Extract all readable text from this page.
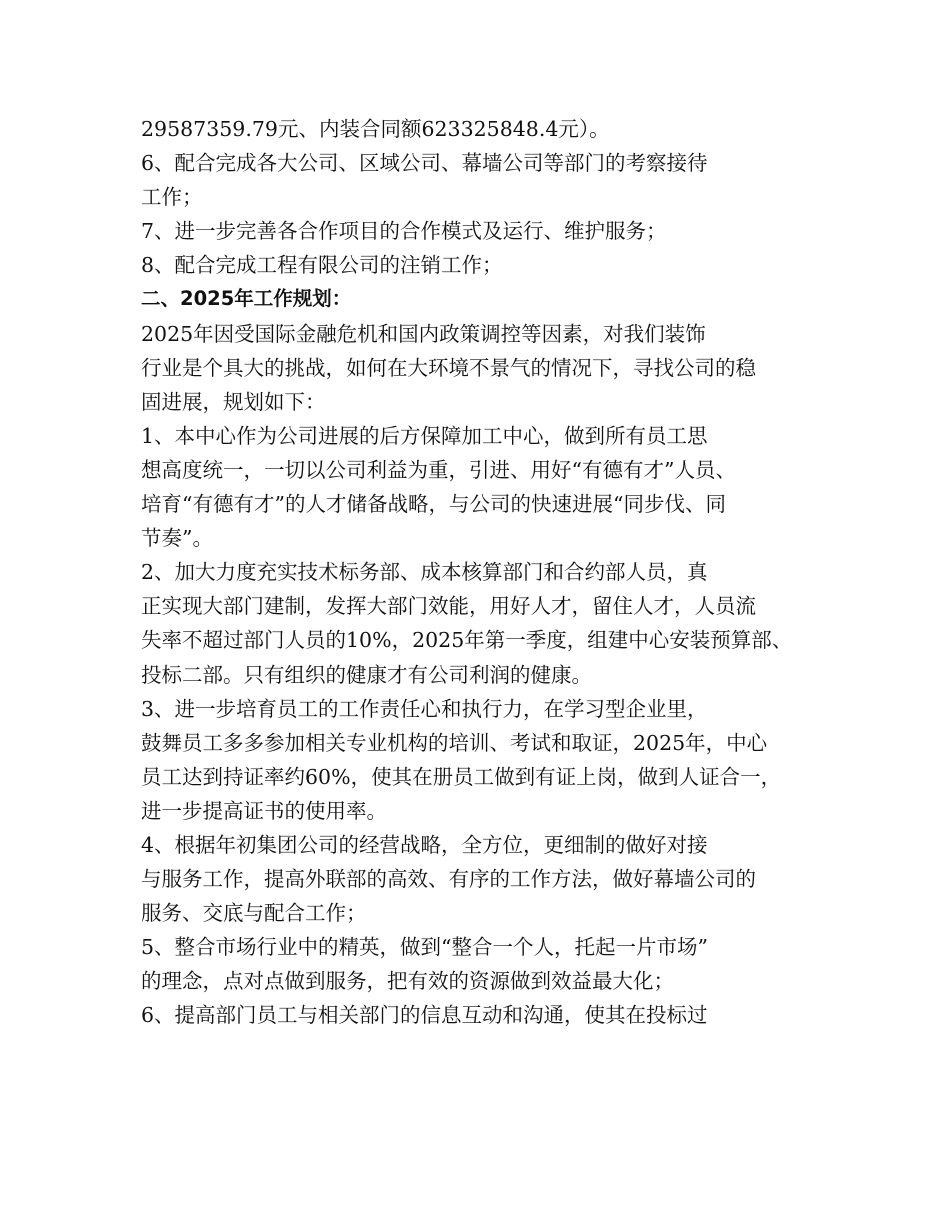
29587359.79元、内装合同额623325848.4元）。
6、配合完成各大公司、区域公司、幕墙公司等部门的考察接待
工作；
7、进一步完善各合作项目的合作模式及运行、维护服务；
8、配合完成工程有限公司的注销工作；
二、2025年工作规划：
2025年因受国际金融危机和国内政策调控等因素，对我们装饰
行业是个具大的挑战，如何在大环境不景气的情况下，寻找公司的稳
固进展，规划如下：
1、本中心作为公司进展的后方保障加工中心，做到所有员工思
想高度统一，一切以公司利益为重，引进、用好“有德有才”人员、
培育“有德有才”的人才储备战略，与公司的快速进展“同步伐、同
节奏”。
2、加大力度充实技术标务部、成本核算部门和合约部人员，真
正实现大部门建制，发挥大部门效能，用好人才，留住人才，人员流
失率不超过部门人员的10%，2025年第一季度，组建中心安装预算部、
投标二部。只有组织的健康才有公司利润的健康。
3、进一步培育员工的工作责任心和执行力，在学习型企业里，
鼓舞员工多多参加相关专业机构的培训、考试和取证，2025年，中心
员工达到持证率约60%，使其在册员工做到有证上岗，做到人证合一，
进一步提高证书的使用率。
4、根据年初集团公司的经营战略，全方位，更细制的做好对接
与服务工作，提高外联部的高效、有序的工作方法，做好幕墙公司的
服务、交底与配合工作；
5、整合市场行业中的精英，做到“整合一个人，托起一片市场”
的理念，点对点做到服务，把有效的资源做到效益最大化；
6、提高部门员工与相关部门的信息互动和沟通，使其在投标过
